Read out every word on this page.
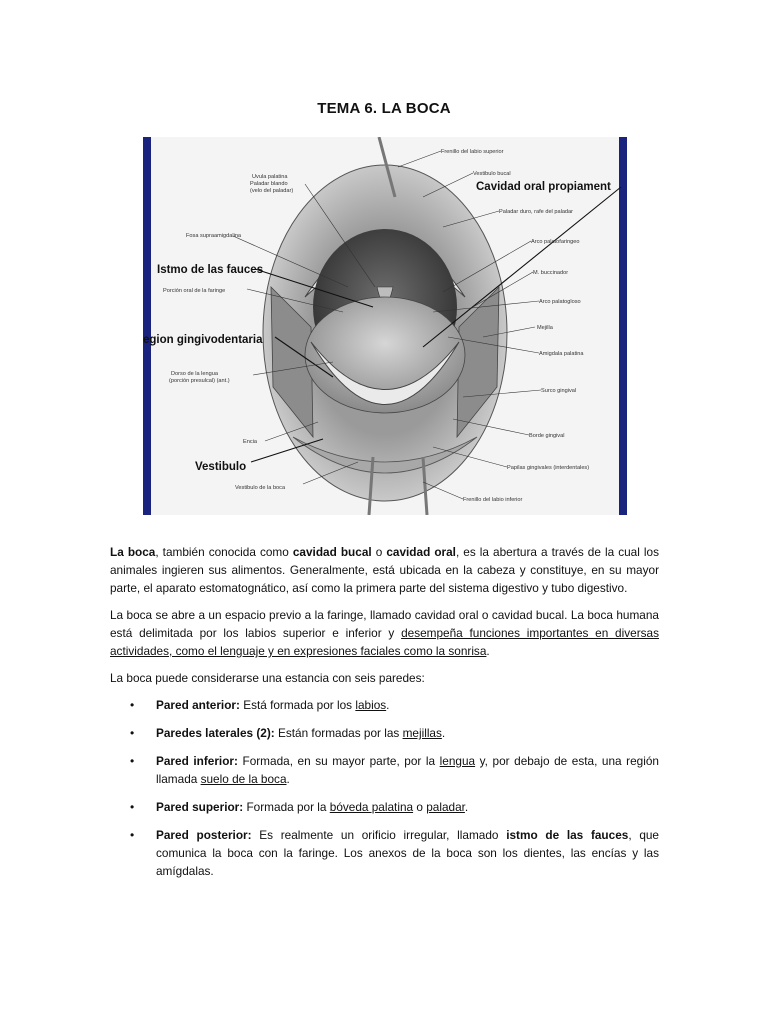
TEMA 6. LA BOCA
Cavidad oral propiament
Istmo de las fauces
egion gingivodentaria
Vestibulo
Frenillo del labio superior
Vestibulo bucal
Uvula palatina
Paladar blando
(velo del paladar)
Paladar duro, rafe del paladar
Fosa supraamigdalina
Arco palatofaringeo
M. buccinador
Porción oral de la faringe
Arco palatogloso
Mejilla
Amigdala palatina
Dorso de la lengua
(porción presulcal) (ant.)
Surco gingival
Borde gingival
Encia
Papilas gingivales (interdentales)
Vestibulo de la boca
Frenillo del labio inferior

La boca, también conocida como cavidad bucal o cavidad oral, es la abertura a través de la cual los animales ingieren sus alimentos. Generalmente, está ubicada en la cabeza y constituye, en su mayor parte, el aparato estomatognático, así como la primera parte del sistema digestivo y tubo digestivo.

La boca se abre a un espacio previo a la faringe, llamado cavidad oral o cavidad bucal. La boca humana está delimitada por los labios superior e inferior y desempeña funciones importantes en diversas actividades, como el lenguaje y en expresiones faciales como la sonrisa.

La boca puede considerarse una estancia con seis paredes:

• Pared anterior: Está formada por los labios.
• Paredes laterales (2): Están formadas por las mejillas.
• Pared inferior: Formada, en su mayor parte, por la lengua y, por debajo de esta, una región llamada suelo de la boca.
• Pared superior: Formada por la bóveda palatina o paladar.
• Pared posterior: Es realmente un orificio irregular, llamado istmo de las fauces, que comunica la boca con la faringe. Los anexos de la boca son los dientes, las encías y las amígdalas.
